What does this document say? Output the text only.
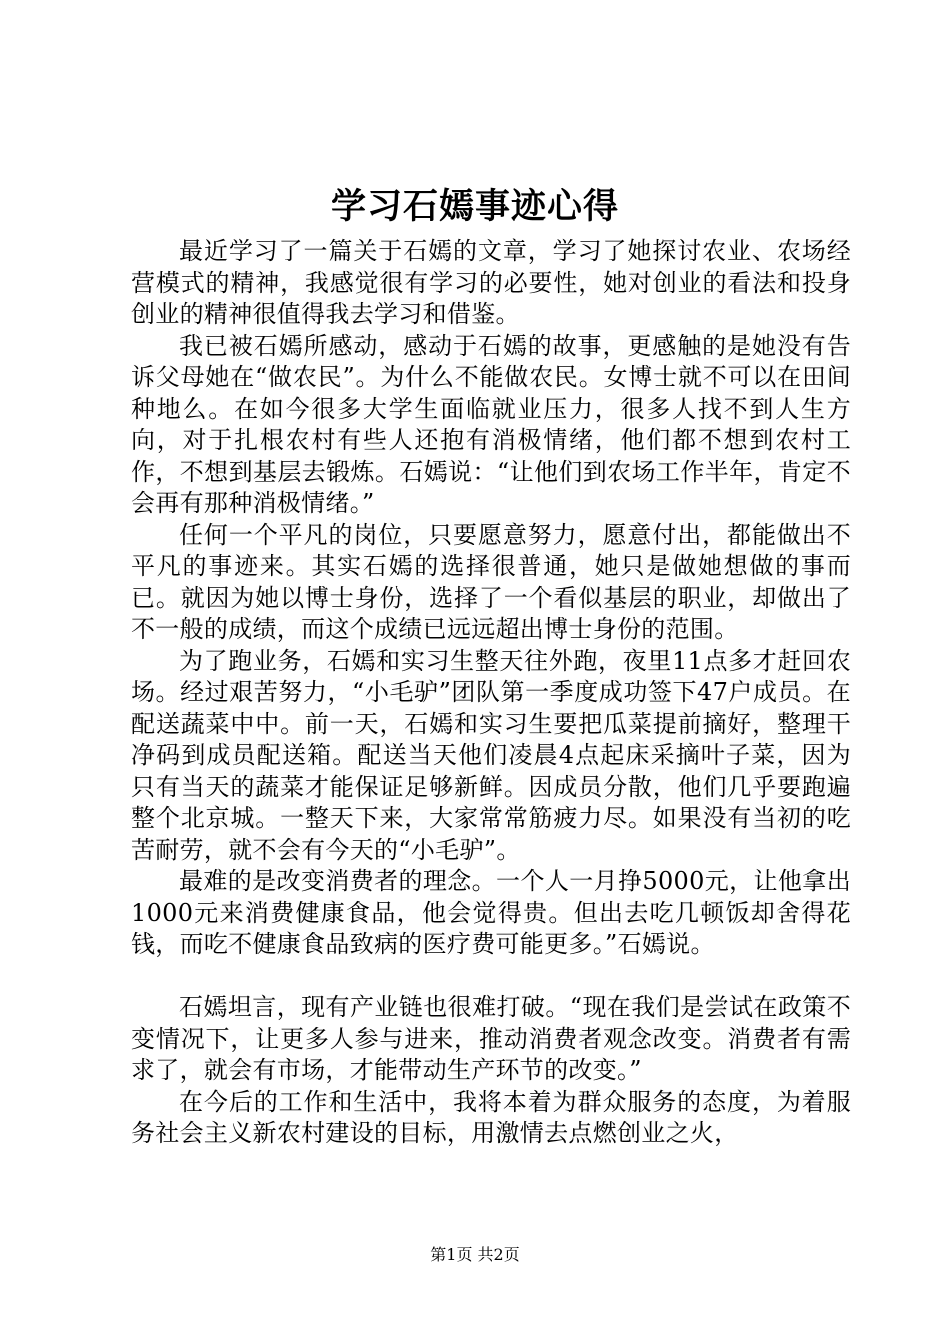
学习石嫣事迹心得

最近学习了一篇关于石嫣的文章，学习了她探讨农业、农场经营模式的精神，我感觉很有学习的必要性，她对创业的看法和投身创业的精神很值得我去学习和借鉴。

我已被石嫣所感动，感动于石嫣的故事，更感触的是她没有告诉父母她在“做农民”。为什么不能做农民。女博士就不可以在田间种地么。在如今很多大学生面临就业压力，很多人找不到人生方向，对于扎根农村有些人还抱有消极情绪，他们都不想到农村工作，不想到基层去锻炼。石嫣说：“让他们到农场工作半年，肯定不会再有那种消极情绪。”

任何一个平凡的岗位，只要愿意努力，愿意付出，都能做出不平凡的事迹来。其实石嫣的选择很普通，她只是做她想做的事而已。就因为她以博士身份，选择了一个看似基层的职业，却做出了不一般的成绩，而这个成绩已远远超出博士身份的范围。

为了跑业务，石嫣和实习生整天往外跑，夜里11点多才赶回农场。经过艰苦努力，“小毛驴”团队第一季度成功签下47户成员。在配送蔬菜中中。前一天，石嫣和实习生要把瓜菜提前摘好，整理干净码到成员配送箱。配送当天他们凌晨4点起床采摘叶子菜，因为只有当天的蔬菜才能保证足够新鲜。因成员分散，他们几乎要跑遍整个北京城。一整天下来，大家常常筋疲力尽。如果没有当初的吃苦耐劳，就不会有今天的“小毛驴”。

最难的是改变消费者的理念。一个人一月挣5000元，让他拿出1000元来消费健康食品，他会觉得贵。但出去吃几顿饭却舍得花钱，而吃不健康食品致病的医疗费可能更多。”石嫣说。

石嫣坦言，现有产业链也很难打破。“现在我们是尝试在政策不变情况下，让更多人参与进来，推动消费者观念改变。消费者有需求了，就会有市场，才能带动生产环节的改变。”

在今后的工作和生活中，我将本着为群众服务的态度，为着服务社会主义新农村建设的目标，用激情去点燃创业之火，

第1页 共2页
